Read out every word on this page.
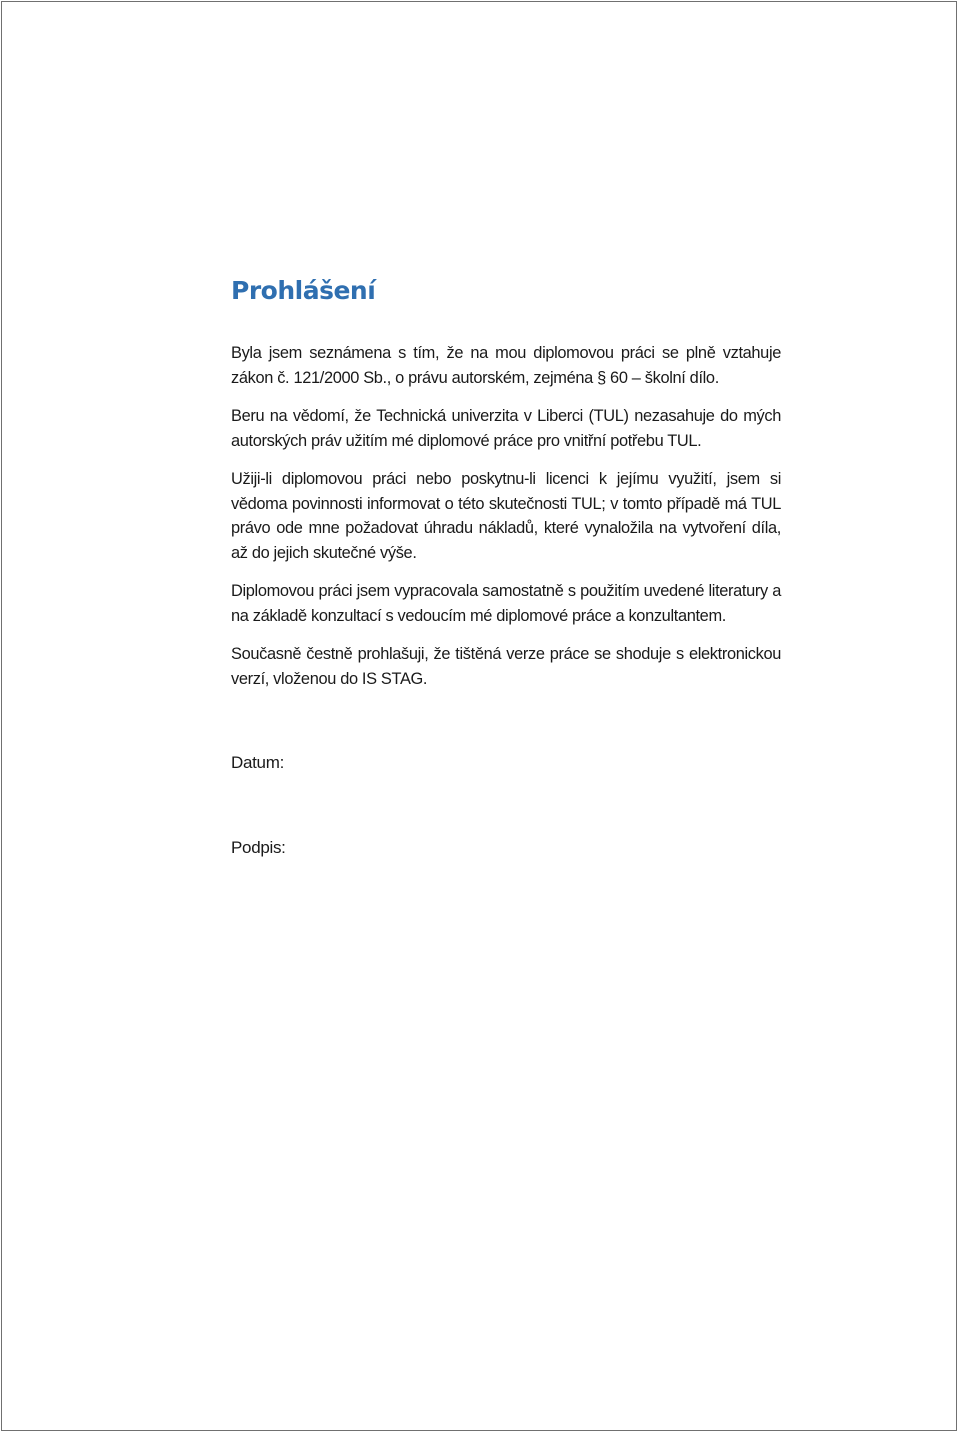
Prohlášení

Byla jsem seznámena s tím, že na mou diplomovou práci se plně vztahuje zákon č. 121/2000 Sb., o právu autorském, zejména § 60 – školní dílo.

Beru na vědomí, že Technická univerzita v Liberci (TUL) nezasahuje do mých autorských práv užitím mé diplomové práce pro vnitřní potřebu TUL.

Užiji-li diplomovou práci nebo poskytnu-li licenci k jejímu využití, jsem si vědoma povinnosti informovat o této skutečnosti TUL; v tomto případě má TUL právo ode mne požadovat úhradu nákladů, které vynaložila na vytvoření díla, až do jejich skutečné výše.

Diplomovou práci jsem vypracovala samostatně s použitím uvedené literatury a na základě konzultací s vedoucím mé diplomové práce a konzultantem.

Současně čestně prohlašuji, že tištěná verze práce se shoduje s elektronickou verzí, vloženou do IS STAG.

Datum:

Podpis:
